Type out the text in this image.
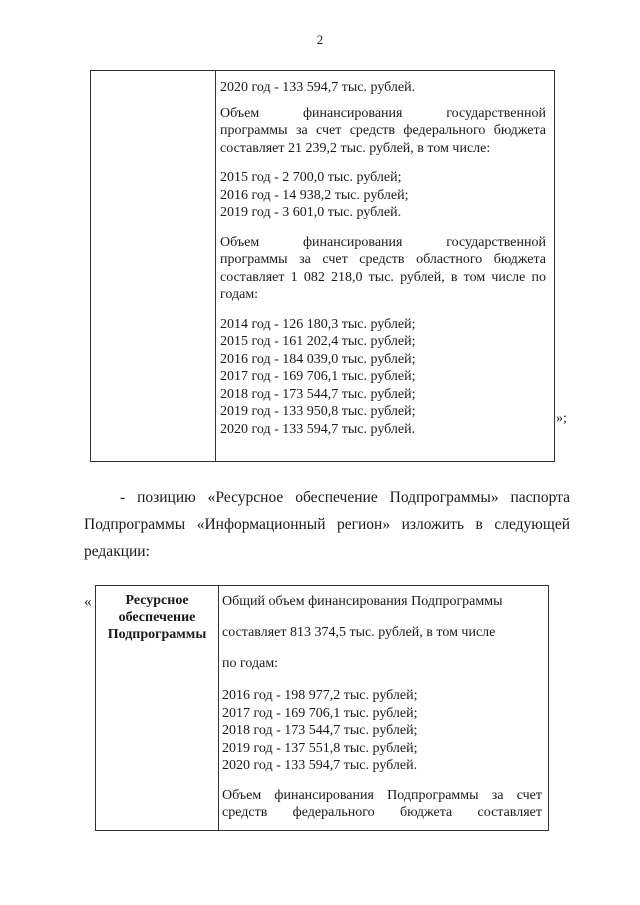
2
2020 год - 133 594,7 тыс. рублей.
Объем финансирования государственной
программы за счет средств федерального бюджета
составляет 21 239,2 тыс. рублей, в том числе:
2015 год - 2 700,0 тыс. рублей;
2016 год - 14 938,2 тыс. рублей;
2019 год - 3 601,0 тыс. рублей.
Объем финансирования государственной
программы за счет средств областного бюджета
составляет 1 082 218,0 тыс. рублей, в том числе по
годам:
2014 год - 126 180,3 тыс. рублей;
2015 год - 161 202,4 тыс. рублей;
2016 год - 184 039,0 тыс. рублей;
2017 год - 169 706,1 тыс. рублей;
2018 год - 173 544,7 тыс. рублей;
2019 год - 133 950,8 тыс. рублей;
2020 год - 133 594,7 тыс. рублей.
»;
- позицию «Ресурсное обеспечение Подпрограммы» паспорта
Подпрограммы «Информационный регион» изложить в следующей
редакции:
«	Ресурсное
обеспечение
Подпрограммы
Общий объем финансирования Подпрограммы
составляет 813 374,5 тыс. рублей, в том числе
по годам:
2016 год - 198 977,2 тыс. рублей;
2017 год - 169 706,1 тыс. рублей;
2018 год - 173 544,7 тыс. рублей;
2019 год - 137 551,8 тыс. рублей;
2020 год - 133 594,7 тыс. рублей.
Объем финансирования Подпрограммы за счет
средств федерального бюджета составляет
